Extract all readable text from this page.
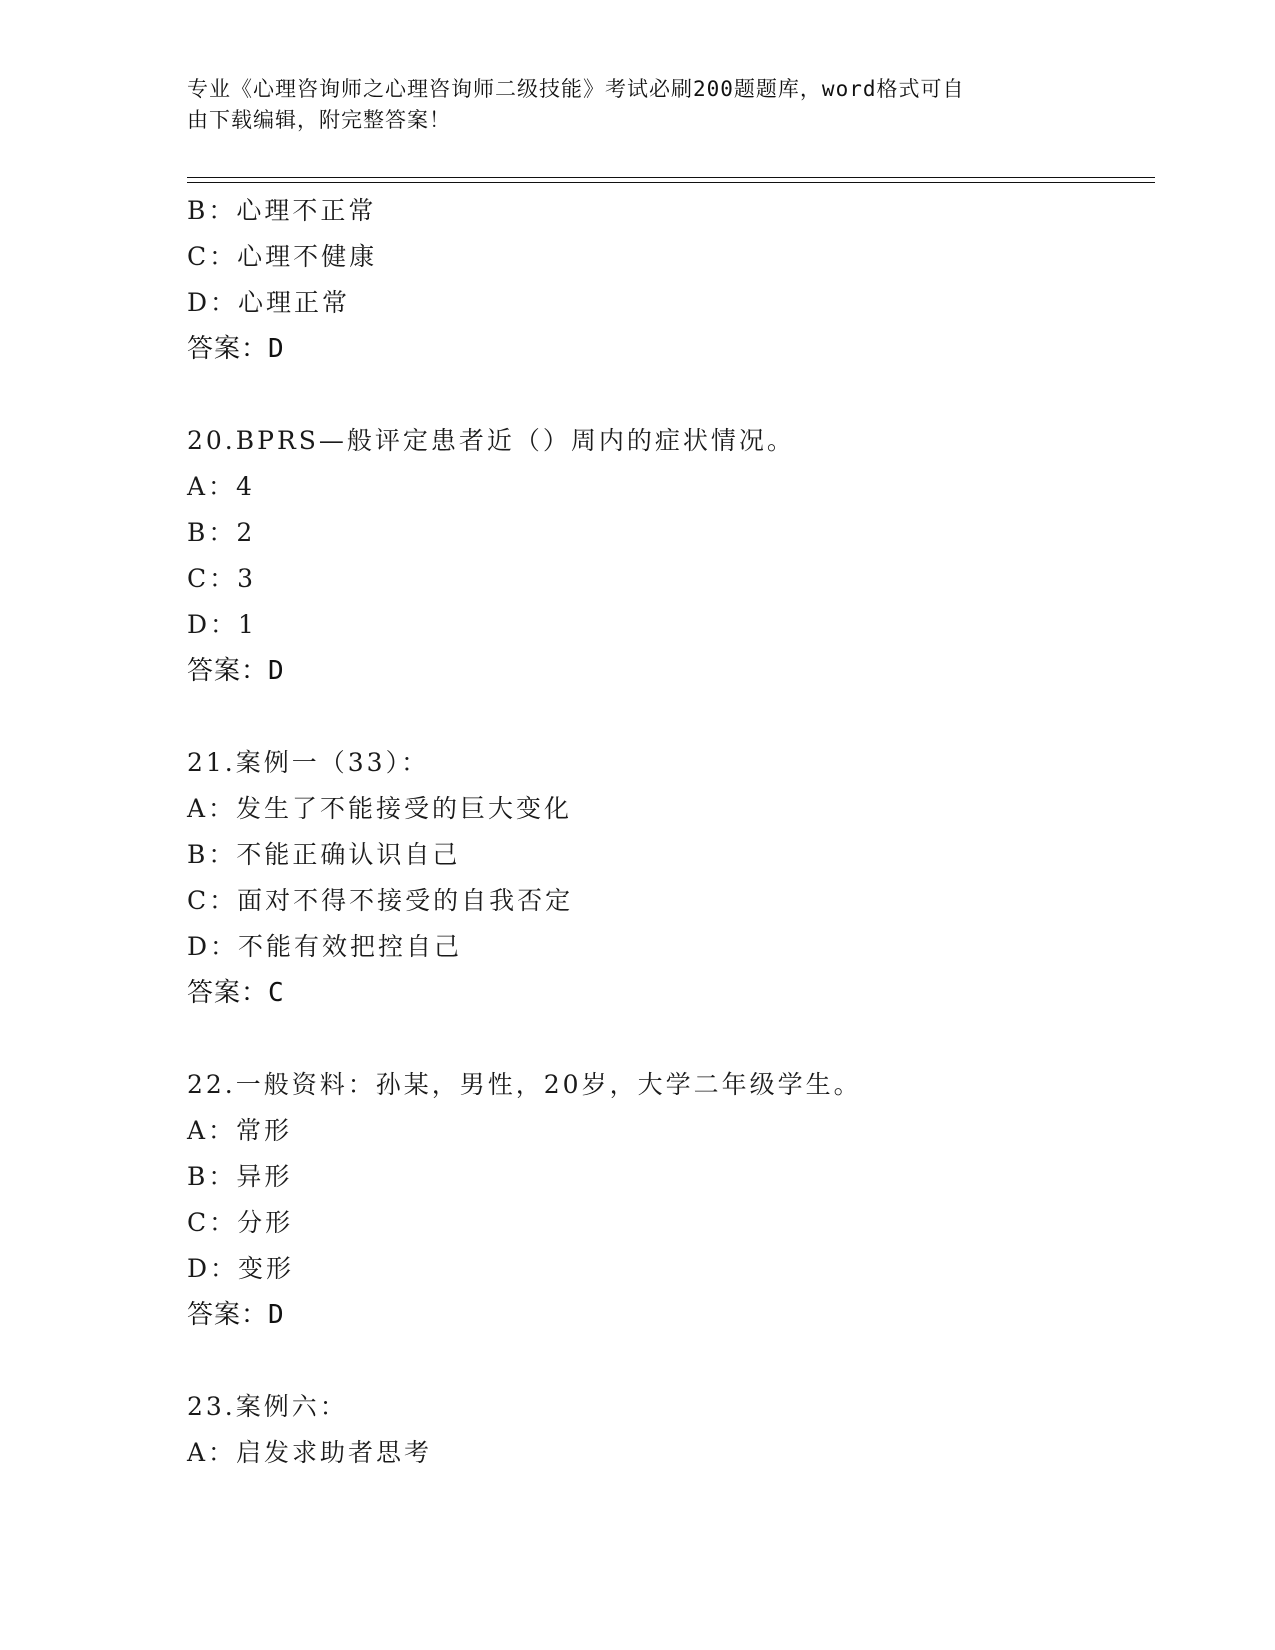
专业《心理咨询师之心理咨询师二级技能》考试必刷200题题库，word格式可自
由下载编辑，附完整答案！
B：心理不正常
C：心理不健康
D：心理正常
答案：D
20.BPRS—般评定患者近（）周内的症状情况。
A：4
B：2
C：3
D：1
答案：D
21.案例一（33）：
A：发生了不能接受的巨大变化
B：不能正确认识自己
C：面对不得不接受的自我否定
D：不能有效把控自己
答案：C
22.一般资料：孙某，男性，20岁，大学二年级学生。
A：常形
B：异形
C：分形
D：变形
答案：D
23.案例六：
A：启发求助者思考
